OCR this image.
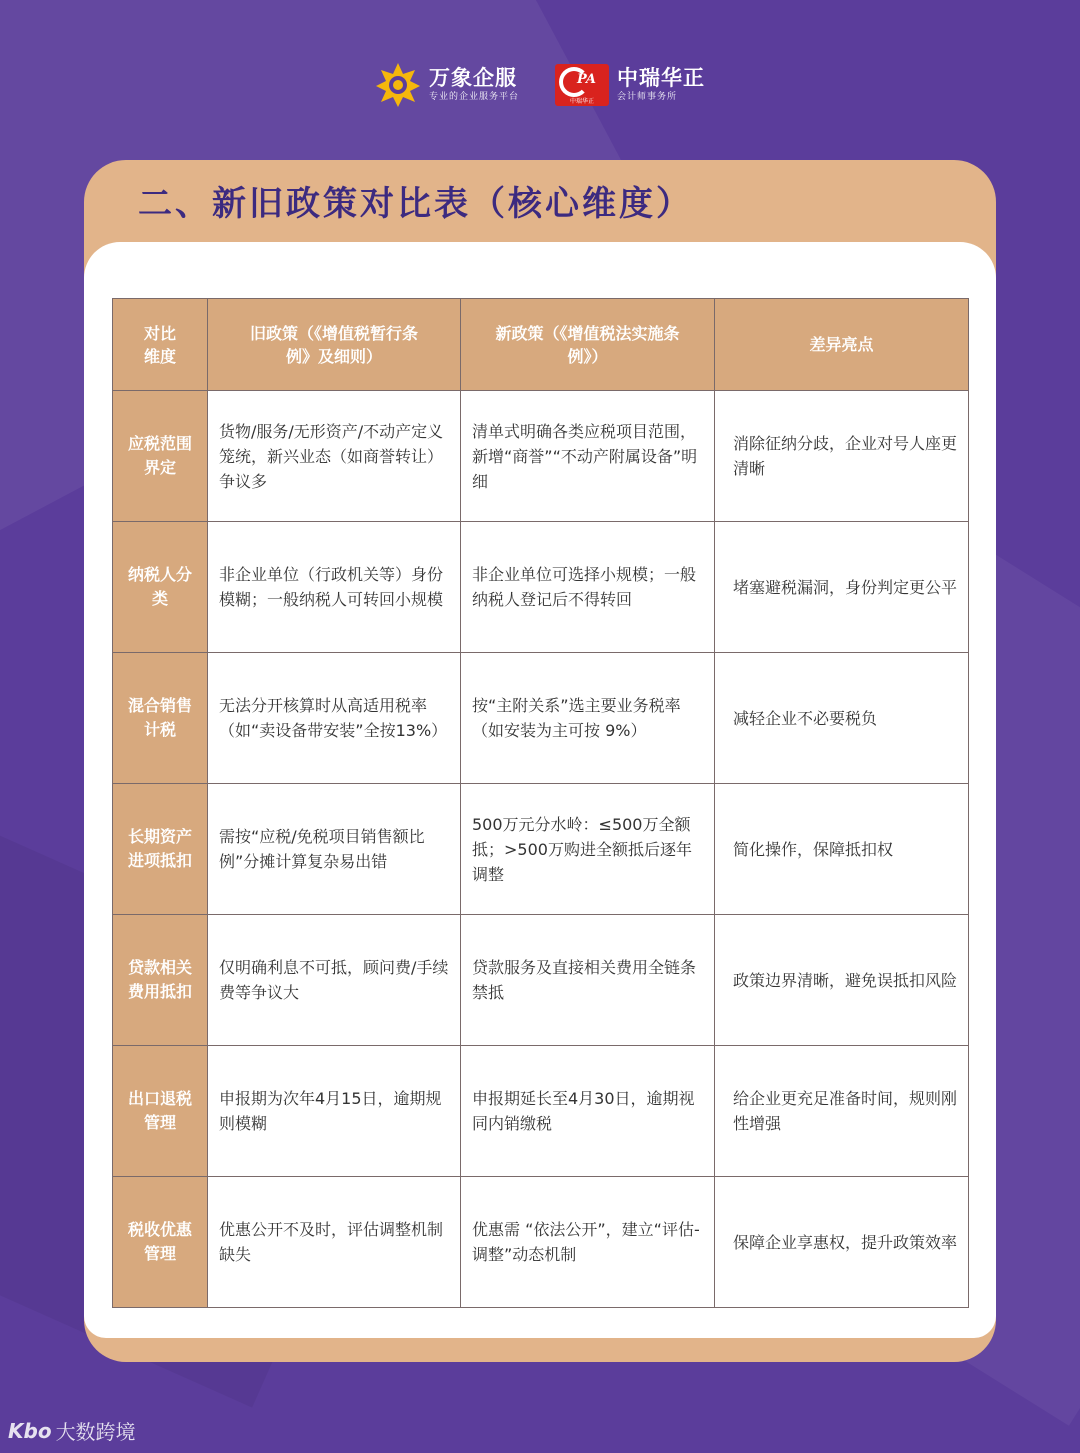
万象企服
专业的企业服务平台
PA
中瑞华正
中瑞华正
会计师事务所
二、新旧政策对比表（核心维度）
对比维度	旧政策（《增值税暂行条例》及细则）	新政策（《增值税法实施条例》）	差异亮点
应税范围界定	货物/服务/无形资产/不动产定义笼统，新兴业态（如商誉转让）争议多	清单式明确各类应税项目范围，新增“商誉”“不动产附属设备”明细	消除征纳分歧，企业对号人座更清晰
纳税人分类	非企业单位（行政机关等）身份模糊；一般纳税人可转回小规模	非企业单位可选择小规模；一般纳税人登记后不得转回	堵塞避税漏洞，身份判定更公平
混合销售计税	无法分开核算时从高适用税率（如“卖设备带安装”全按13%）	按“主附关系”选主要业务税率（如安装为主可按 9%）	减轻企业不必要税负
长期资产进项抵扣	需按“应税/免税项目销售额比例”分摊计算复杂易出错	500万元分水岭：≤500万全额抵；>500万购进全额抵后逐年调整	简化操作，保障抵扣权
贷款相关费用抵扣	仅明确利息不可抵，顾问费/手续费等争议大	贷款服务及直接相关费用全链条禁抵	政策边界清晰，避免误抵扣风险
出口退税管理	申报期为次年4月15日，逾期规则模糊	申报期延长至4月30日，逾期视同内销缴税	给企业更充足准备时间，规则刚性增强
税收优惠管理	优惠公开不及时，评估调整机制缺失	优惠需 “依法公开”，建立“评估-调整”动态机制	保障企业享惠权，提升政策效率
Kbo 大数跨境
